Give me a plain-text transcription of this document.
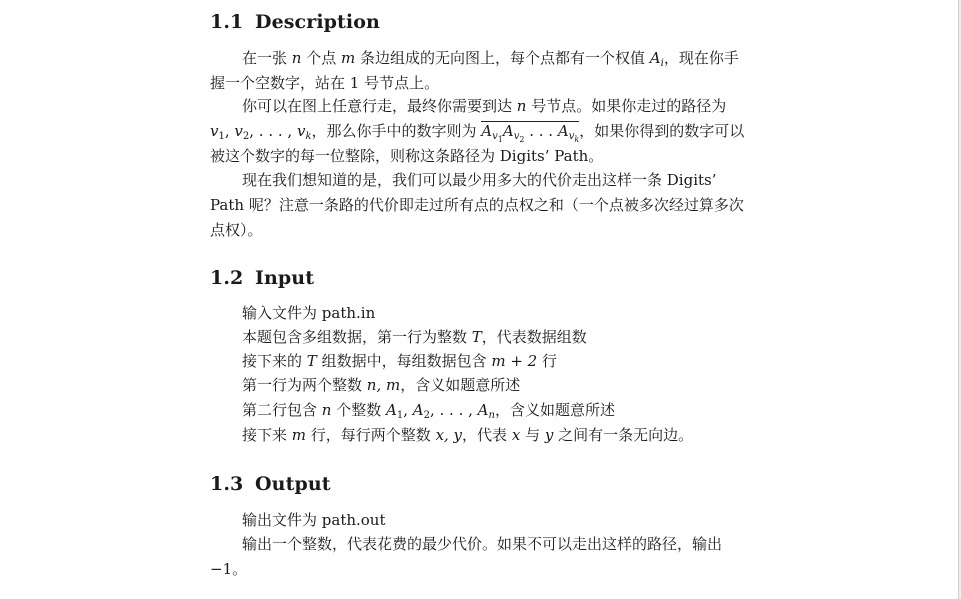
1.1 Description

在一张 n 个点 m 条边组成的无向图上，每个点都有一个权值 $A_i$，现在你手握一个空数字，站在 1 号节点上。

你可以在图上任意行走，最终你需要到达 n 号节点。如果你走过的路径为 $v_1$, $v_2$, . . . , $v_k$，那么你手中的数字则为 $A_{v_1}A_{v_2}$ . . . $A_{v_k}$，如果你得到的数字可以被这个数字的每一位整除，则称这条路径为 Digits’ Path。

现在我们想知道的是，我们可以最少用多大的代价走出这样一条 Digits’ Path 呢？注意一条路的代价即走过所有点的点权之和（一个点被多次经过算多次点权）。

1.2 Input

输入文件为 path.in

本题包含多组数据，第一行为整数 T，代表数据组数

接下来的 T 组数据中，每组数据包含 m + 2 行

第一行为两个整数 n, m，含义如题意所述

第二行包含 n 个整数 $A_1$, $A_2$, . . . , $A_n$，含义如题意所述

接下来 m 行，每行两个整数 x, y，代表 x 与 y 之间有一条无向边。

1.3 Output

输出文件为 path.out

输出一个整数，代表花费的最少代价。如果不可以走出这样的路径，输出 −1。
